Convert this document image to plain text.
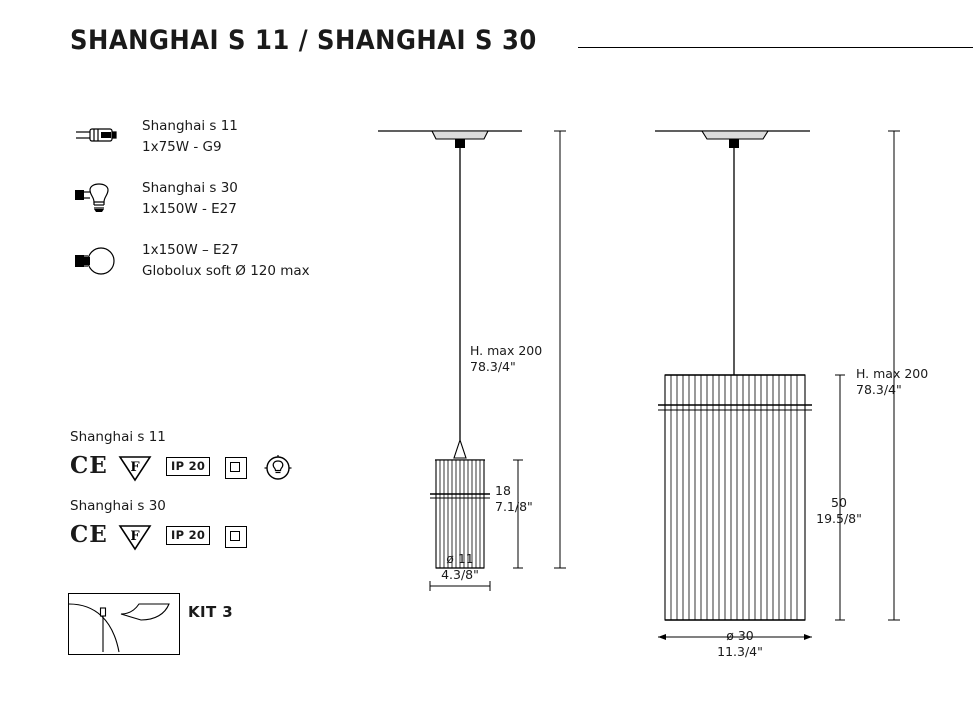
SHANGHAI S 11 / SHANGHAI S 30
Shanghai s 11
1x75W - G9
Shanghai s 30
1x150W - E27
1x150W – E27
Globolux soft Ø 120 max
Shanghai s 11
CE F	IP 20
Shanghai s 30
CE F	IP 20
KIT 3
H. max 200
78.3/4"
18
7.1/8"
ø 11
4.3/8"
H. max 200
78.3/4"
50
19.5/8"
ø 30
11.3/4"
